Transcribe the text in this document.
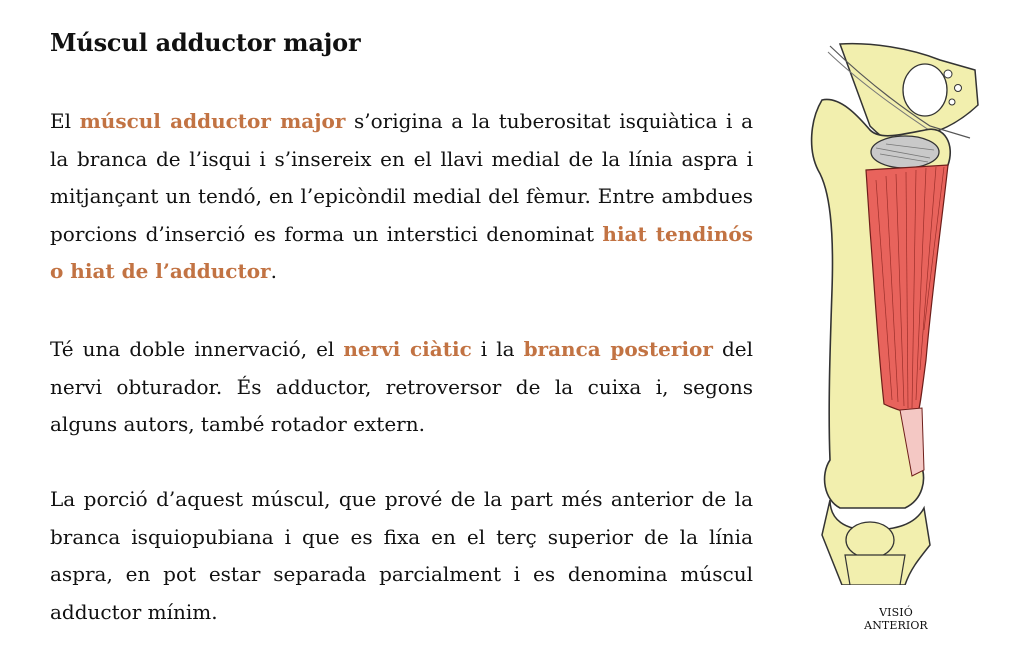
Múscul adductor major

El múscul adductor major s’origina a la tuberositat isquiàtica i a la branca de l’isqui i s’insereix en el llavi medial de la línia aspra i mitjançant un tendó, en l’epicòndil medial del fèmur. Entre ambdues porcions d’inserció es forma un interstici denominat hiat tendinós o hiat de l’adductor.

Té una doble innervació, el nervi ciàtic i la branca posterior del nervi obturador. És adductor, retroversor de la cuixa i, segons alguns autors, també rotador extern.

La porció d’aquest múscul, que prové de la part més anterior de la branca isquiopubiana i que es fixa en el terç superior de la línia aspra, en pot estar separada parcialment i es denomina múscul adductor mínim.	VISIÓ ANTERIOR
